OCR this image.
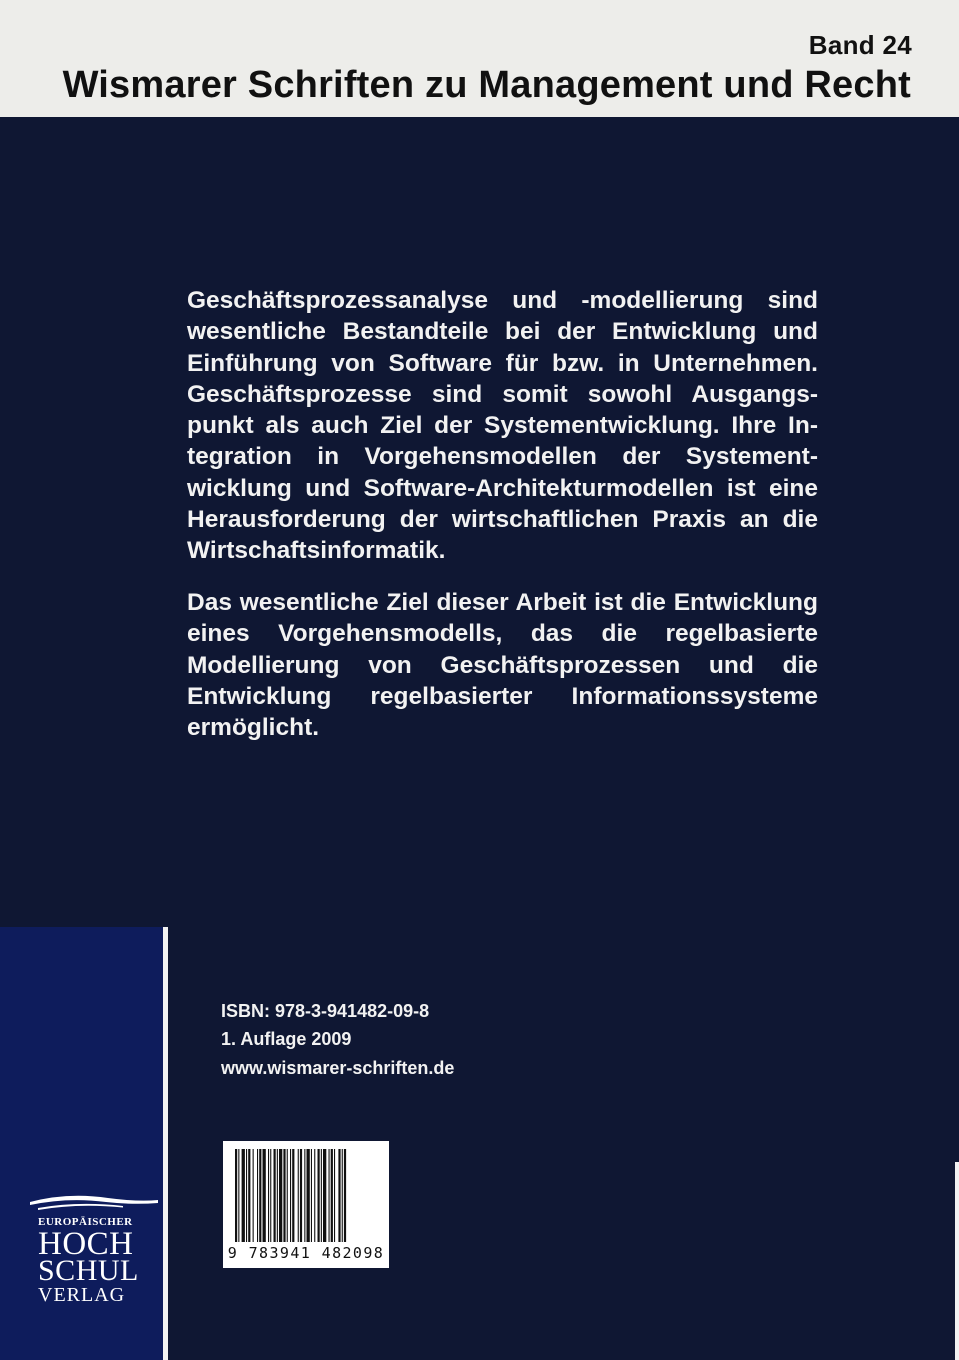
Band 24
Wismarer Schriften zu Management und Recht
Geschäftsprozessanalyse und -modellierung sind wesentliche Bestandteile bei der Entwicklung und Einführung von Software für bzw. in Unternehmen. Geschäftsprozesse sind somit sowohl Ausgangspunkt als auch Ziel der Systementwicklung. Ihre Integration in Vorgehensmodellen der Systementwicklung und Software-Architekturmodellen ist eine Herausforderung der wirtschaftlichen Praxis an die Wirtschaftsinformatik.
Das wesentliche Ziel dieser Arbeit ist die Entwicklung eines Vorgehensmodells, das die regelbasierte Modellierung von Geschäftsprozessen und die Entwicklung regelbasierter Informationssysteme ermöglicht.
EUROPÄISCHER
HOCH
SCHUL
VERLAG
ISBN: 978-3-941482-09-8
1. Auflage 2009
www.wismarer-schriften.de
9 783941 482098
